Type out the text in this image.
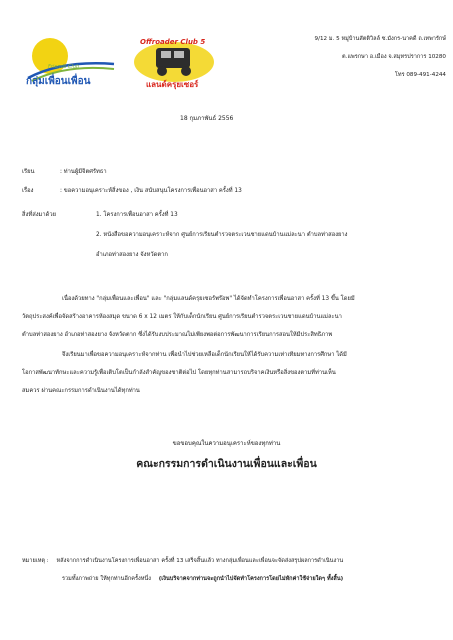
Friends Club
กลุ่มเพื่อนเพื่อน
Offroader Club 5
แลนด์ครุยเซอร์
9/12 ม. 5 หมู่บ้านสัตติวิลล์ ซ.มังกร-นาคดี ถ.เทพารักษ์
ต.แพรกษา อ.เมือง จ.สมุทรปราการ 10280
โทร 089-491-4244
18 กุมภาพันธ์ 2556
เรียน	: ท่านผู้มีจิตศรัทธา
เรื่อง	: ขอความอนุเคราะห์สิ่งของ , เงิน สนับสนุนโครงการเพื่อนอาสา ครั้งที่ 13
สิ่งที่ส่งมาด้วย	1. โครงการเพื่อนอาสา ครั้งที่ 13
2. หนังสือขอความอนุเคราะห์จาก ศูนย์การเรียนตำรวจตระเวนชายแดนบ้านแม่ละนา ตำบลท่าสองยาง
อำเภอท่าสองยาง จังหวัดตาก
เนื่องด้วยทาง "กลุ่มเพื่อนและเพื่อน" และ "กลุ่มแลนด์ครุยเซอร์พร๊อพ" ได้จัดทำโครงการเพื่อนอาสา ครั้งที่ 13 ขึ้น โดยมี
วัตถุประสงค์เพื่อจัดสร้างอาคารห้องสมุด ขนาด 6 x 12 เมตร ให้กับเด็กนักเรียน ศูนย์การเรียนตำรวจตระเวนชายแดนบ้านแม่ละนา
ตำบลท่าสองยาง อำเภอท่าสองยาง จังหวัดตาก ซึ่งได้รับงบประมาณไม่เพียงพอต่อการพัฒนาการเรียนการสอนให้มีประสิทธิภาพ
จึงเรียนมาเพื่อขอความอนุเคราะห์จากท่าน เพื่อนำไปช่วยเหลือเด็กนักเรียนให้ได้รับความเท่าเทียมทางการศึกษา ได้มี
โอกาสพัฒนาทักษะและความรู้เพื่อเติบโตเป็นกำลังสำคัญของชาติต่อไป โดยทุกท่านสามารถบริจาคเงินหรือสิ่งของตามที่ท่านเห็น
สมควร ผ่านคณะกรรมการดำเนินงานได้ทุกท่าน
ขอขอบคุณในความอนุเคราะห์ของทุกท่าน
คณะกรรมการดำเนินงานเพื่อนและเพื่อน
หมายเหตุ : หลังจากการดำเนินงานโครงการเพื่อนอาสา ครั้งที่ 13 เสร็จสิ้นแล้ว ทางกลุ่มเพื่อนและเพื่อนจะจัดส่งสรุปผลการดำเนินงาน
รวมทั้งภาพถ่าย ให้ทุกท่านอีกครั้งหนึ่ง (เงินบริจาคจากท่านจะถูกนำไปจัดทำโครงการโดยไม่หักค่าใช้จ่ายใดๆ ทั้งสิ้น)
